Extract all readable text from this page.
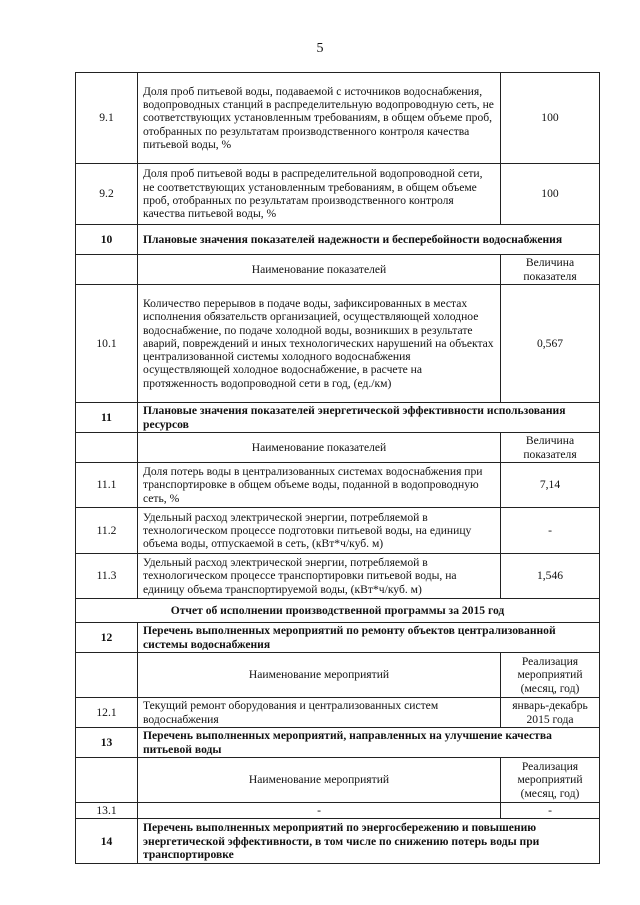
5
9.1	Доля проб питьевой воды, подаваемой с источников водоснабжения, водопроводных станций в распределительную водопроводную сеть, не соответствующих установленным требованиям, в общем объеме проб, отобранных по результатам производственного контроля качества питьевой воды, %	100
9.2	Доля проб питьевой воды в распределительной водопроводной сети, не соответствующих установленным требованиям, в общем объеме проб, отобранных по результатам производственного контроля качества питьевой воды, %	100
10	Плановые значения показателей надежности и бесперебойности водоснабжения	
	Наименование показателей	Величина показателя
10.1	Количество перерывов в подаче воды, зафиксированных в местах исполнения обязательств организацией, осуществляющей холодное водоснабжение, по подаче холодной воды, возникших в результате аварий, повреждений и иных технологических нарушений на объектах централизованной системы холодного водоснабжения осуществляющей холодное водоснабжение, в расчете на протяженность водопроводной сети в год, (ед./км)	0,567
11	Плановые значения показателей энергетической эффективности использования ресурсов	
	Наименование показателей	Величина показателя
11.1	Доля потерь воды в централизованных системах водоснабжения при транспортировке в общем объеме воды, поданной в водопроводную сеть, %	7,14
11.2	Удельный расход электрической энергии, потребляемой в технологическом процессе подготовки питьевой воды, на единицу объема воды, отпускаемой в сеть, (кВт*ч/куб. м)	-
11.3	Удельный расход электрической энергии, потребляемой в технологическом процессе транспортировки питьевой воды, на единицу объема транспортируемой воды, (кВт*ч/куб. м)	1,546
Отчет об исполнении производственной программы за 2015 год		
12	Перечень выполненных мероприятий по ремонту объектов централизованной системы водоснабжения	
	Наименование мероприятий	Реализация мероприятий (месяц, год)
12.1	Текущий ремонт оборудования и централизованных систем водоснабжения	январь-декабрь 2015 года
13	Перечень выполненных мероприятий, направленных на улучшение качества питьевой воды	
	Наименование мероприятий	Реализация мероприятий (месяц, год)
13.1	-	-
14	Перечень выполненных мероприятий по энергосбережению и повышению энергетической эффективности, в том числе по снижению потерь воды при транспортировке	
